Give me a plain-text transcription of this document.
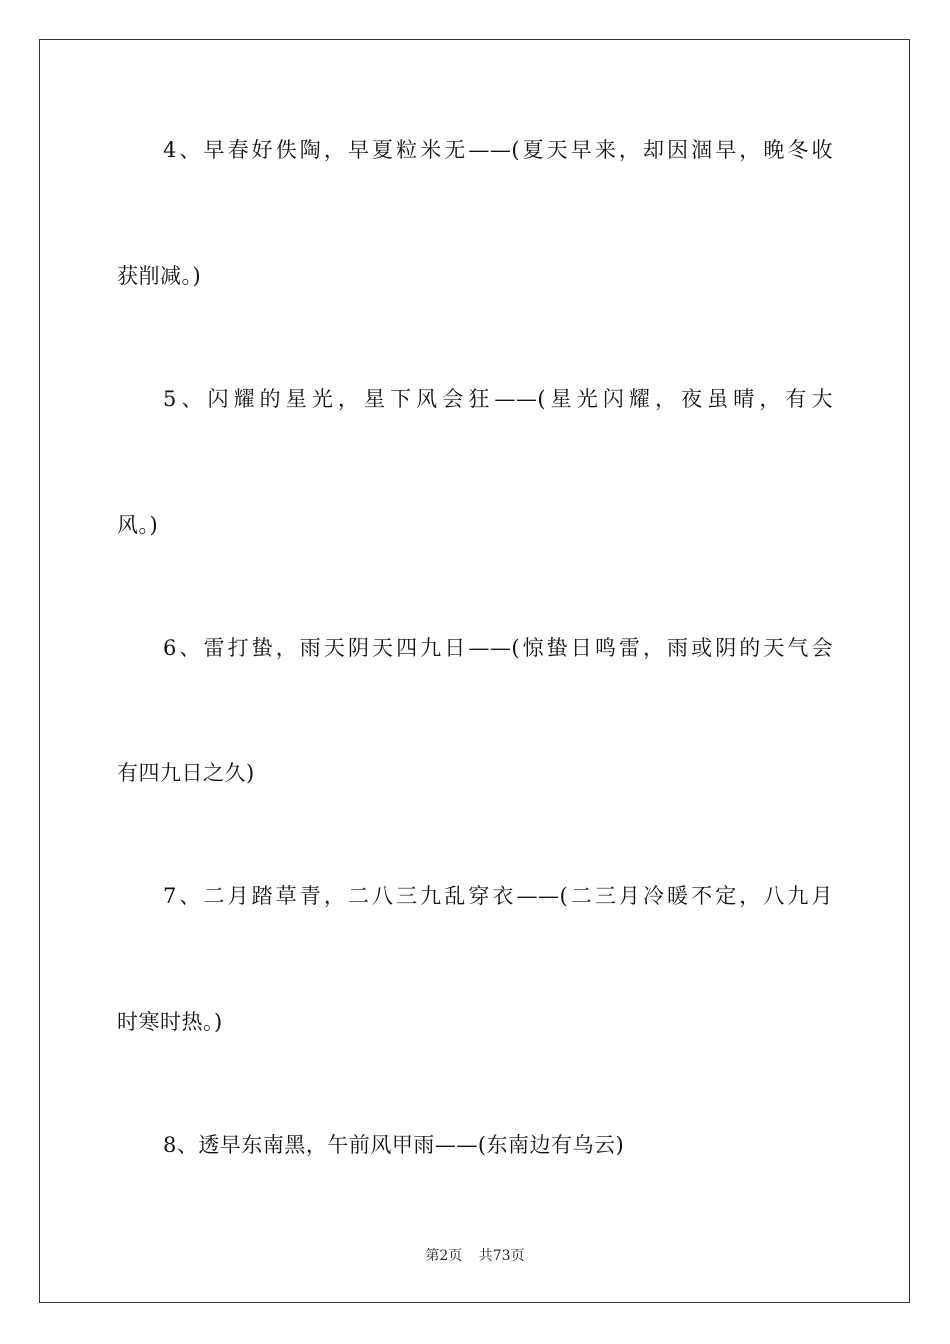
4、早春好佚陶，早夏粒米无——(夏天早来，却因涸早，晚冬收
获削减。)
5、闪耀的星光，星下风会狂——(星光闪耀，夜虽晴，有大
风。)
6、雷打蛰，雨天阴天四九日——(惊蛰日鸣雷，雨或阴的天气会
有四九日之久)
7、二月踏草青，二八三九乱穿衣——(二三月冷暖不定，八九月
时寒时热。)
8、透早东南黑，午前风甲雨——(东南边有乌云)
第2页 共73页
